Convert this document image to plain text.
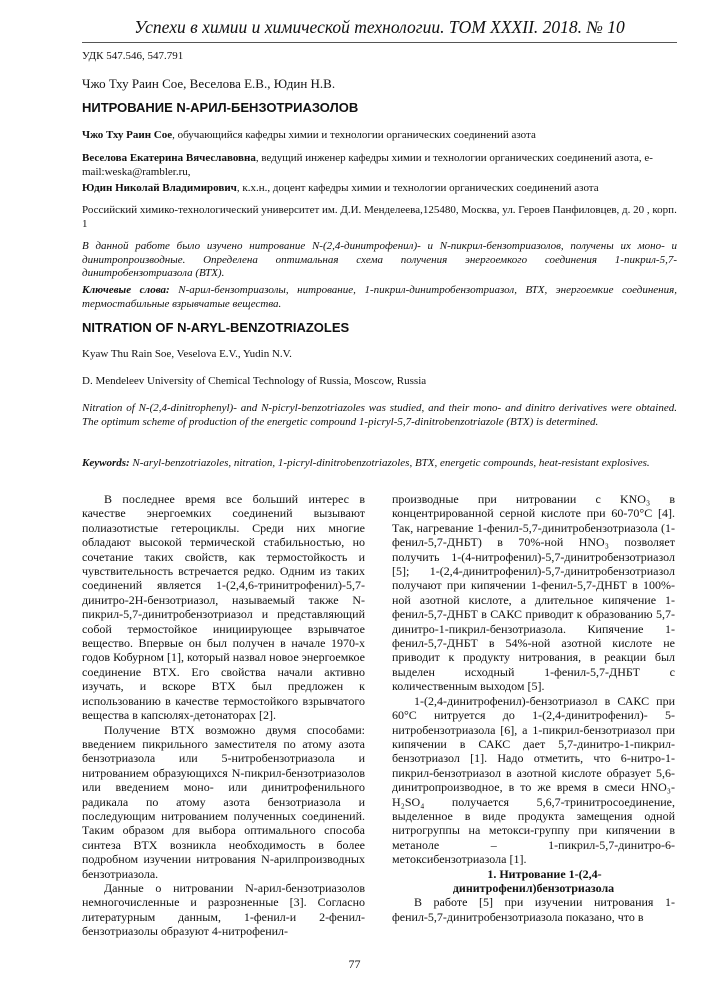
Успехи в химии и химической технологии. ТОМ XXXII. 2018. № 10
УДК 547.546, 547.791
Чжо Тху Раин Сое, Веселова Е.В., Юдин Н.В.
НИТРОВАНИЕ N-АРИЛ-БЕНЗОТРИАЗОЛОВ
Чжо Тху Раин Сое, обучающийся кафедры химии и технологии органических соединений азота
Веселова Екатерина Вячеславовна, ведущий инженер кафедры химии и технологии органических соединений азота, e-mail:weska@rambler.ru,
Юдин Николай Владимирович, к.х.н., доцент кафедры химии и технологии органических соединений азота
Российский химико-технологический университет им. Д.И. Менделеева,125480, Москва, ул. Героев Панфиловцев, д. 20 , корп. 1
В данной работе было изучено нитрование N-(2,4-динитрофенил)- и N-пикрил-бензотриазолов, получены их моно- и динитропроизводные. Определена оптимальная схема получения энергоемкого соединения 1-пикрил-5,7-динитробензотриазола (ВТХ).
Ключевые слова: N-арил-бензотриазолы, нитрование, 1-пикрил-динитробензотриазол, ВТХ, энергоемкие соединения, термостабильные взрывчатые вещества.
NITRATION OF N-ARYL-BENZOTRIAZOLES
Kyaw Thu Rain Soe, Veselova E.V., Yudin N.V.
D. Mendeleev University of Chemical Technology of Russia, Moscow, Russia
Nitration of N-(2,4-dinitrophenyl)- and N-picryl-benzotriazoles was studied, and their mono- and dinitro derivatives were obtained. The optimum scheme of production of the energetic compound 1-picryl-5,7-dinitrobenzotriazole (BTX) is determined.
Keywords: N-aryl-benzotriazoles, nitration, 1-picryl-dinitrobenzotriazoles, BTX, energetic compounds, heat-resistant explosives.

В последнее время все больший интерес в качестве энергоемких соединений вызывают полиазотистые гетероциклы. Среди них многие обладают высокой термической стабильностью, но сочетание таких свойств, как термостойкость и чувствительность встречается редко. Одним из таких соединений является 1-(2,4,6-тринитрофенил)-5,7-динитро-2H-бензотриазол, называемый также N-пикрил-5,7-динитробензотриазол и представляющий собой термостойкое инициирующее взрывчатое вещество. Впервые он был получен в начале 1970-х годов Кобурном [1], который назвал новое энергоемкое соединение BTX. Его свойства начали активно изучать, и вскоре BTX был предложен к использованию в качестве термостойкого взрывчатого вещества в капсюлях-детонаторах [2].

Получение BTX возможно двумя способами: введением пикрильного заместителя по атому азота бензотриазола или 5-нитробензотриазола и нитрованием образующихся N-пикрил-бензотриазолов или введением моно- или динитрофенильного радикала по атому азота бензотриазола и последующим нитрованием полученных соединений. Таким образом для выбора оптимального способа синтеза BTX возникла необходимость в более подробном изучении нитрования N-арилпроизводных бензотриазола.

Данные о нитровании N-арил-бензотриазолов немногочисленные и разрозненные [3]. Согласно литературным данным, 1-фенил-и 2-фенил-бензотриазолы образуют 4-нитрофенил-

производные при нитровании с KNO₃ в концентрированной серной кислоте при 60-70°C [4]. Так, нагревание 1-фенил-5,7-динитробензотриазола (1-фенил-5,7-ДНБТ) в 70%-ной HNO₃ позволяет получить 1-(4-нитрофенил)-5,7-динитробензотриазол [5]; 1-(2,4-динитрофенил)-5,7-динитробензотриазол получают при кипячении 1-фенил-5,7-ДНБТ в 100%-ной азотной кислоте, а длительное кипячение 1-фенил-5,7-ДНБТ в САКС приводит к образованию 5,7-динитро-1-пикрил-бензотриазола. Кипячение 1-фенил-5,7-ДНБТ в 54%-ной азотной кислоте не приводит к продукту нитрования, в реакции был выделен исходный 1-фенил-5,7-ДНБТ с количественным выходом [5].

1-(2,4-динитрофенил)-бензотриазол в САКС при 60°C нитруется до 1-(2,4-динитрофенил)- 5-нитробензотриазола [6], а 1-пикрил-бензотриазол при кипячении в САКС дает 5,7-динитро-1-пикрил-бензотриазол [1]. Надо отметить, что 6-нитро-1-пикрил-бензотриазол в азотной кислоте образует 5,6-динитропроизводное, в то же время в смеси HNO₃-H₂SO₄ получается 5,6,7-тринитросоединение, выделенное в виде продукта замещения одной нитрогруппы на метокси-группу при кипячении в метаноле – 1-пикрил-5,7-динитро-6-метоксибензотриазола [1].

1. Нитрование 1-(2,4-динитрофенил)бензотриазола

В работе [5] при изучении нитрования 1-фенил-5,7-динитробензотриазола показано, что в

77
